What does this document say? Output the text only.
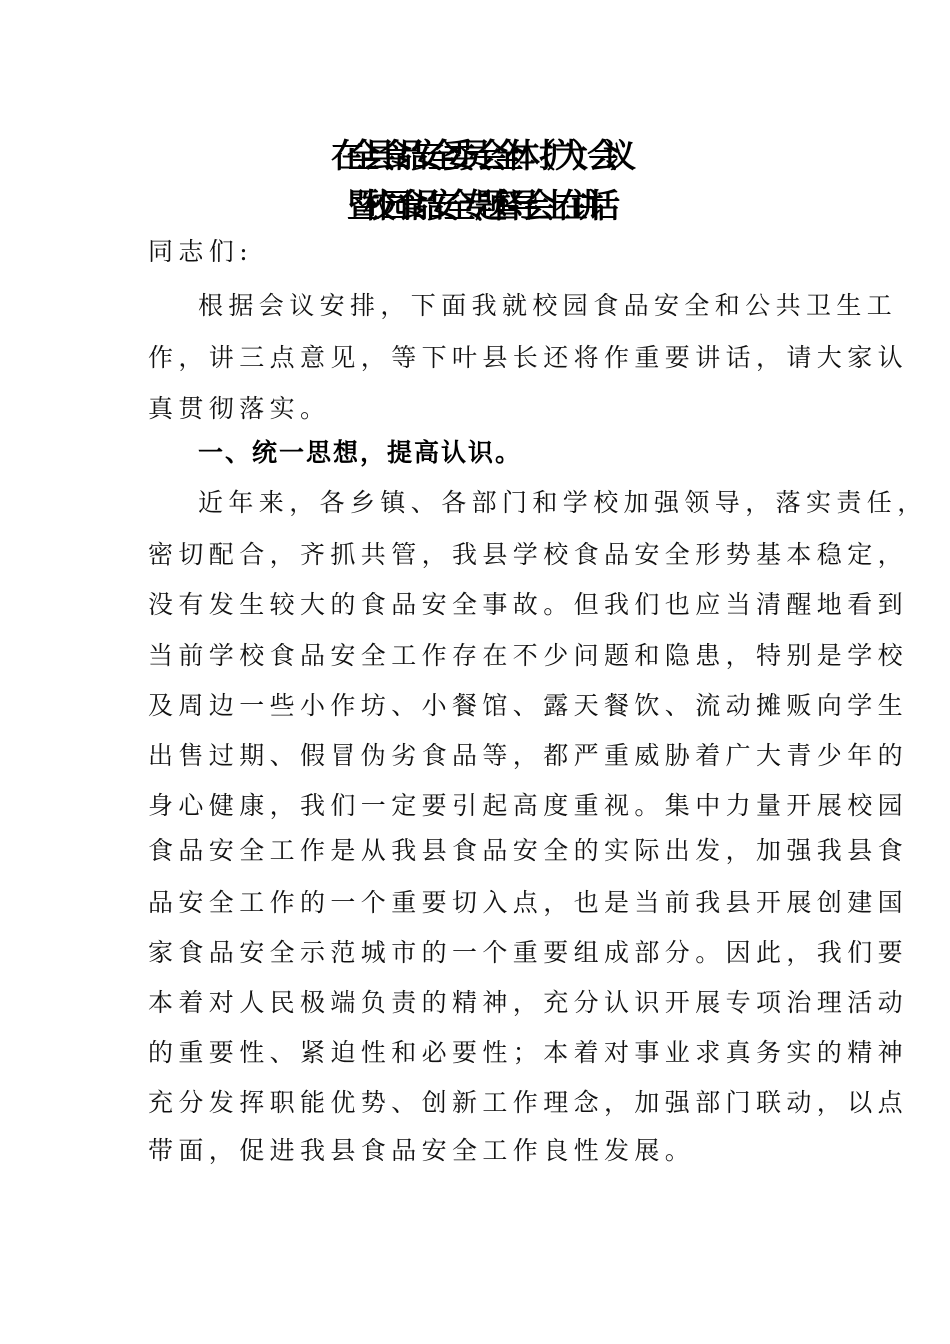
在全县食品安全委员会全体（扩大）会议
暨校园食品安全专题督导会上在讲话
同志们:
根据会议安排，下面我就校园食品安全和公共卫生工
作，讲三点意见，等下叶县长还将作重要讲话，请大家认
真贯彻落实。
一、统一思想，提高认识。
近年来，各乡镇、各部门和学校加强领导，落实责任，
密切配合，齐抓共管，我县学校食品安全形势基本稳定，
没有发生较大的食品安全事故。但我们也应当清醒地看到
当前学校食品安全工作存在不少问题和隐患，特别是学校
及周边一些小作坊、小餐馆、露天餐饮、流动摊贩向学生
出售过期、假冒伪劣食品等，都严重威胁着广大青少年的
身心健康，我们一定要引起高度重视。集中力量开展校园
食品安全工作是从我县食品安全的实际出发，加强我县食
品安全工作的一个重要切入点，也是当前我县开展创建国
家食品安全示范城市的一个重要组成部分。因此，我们要
本着对人民极端负责的精神，充分认识开展专项治理活动
的重要性、紧迫性和必要性；本着对事业求真务实的精神
充分发挥职能优势、创新工作理念，加强部门联动，以点
带面，促进我县食品安全工作良性发展。
